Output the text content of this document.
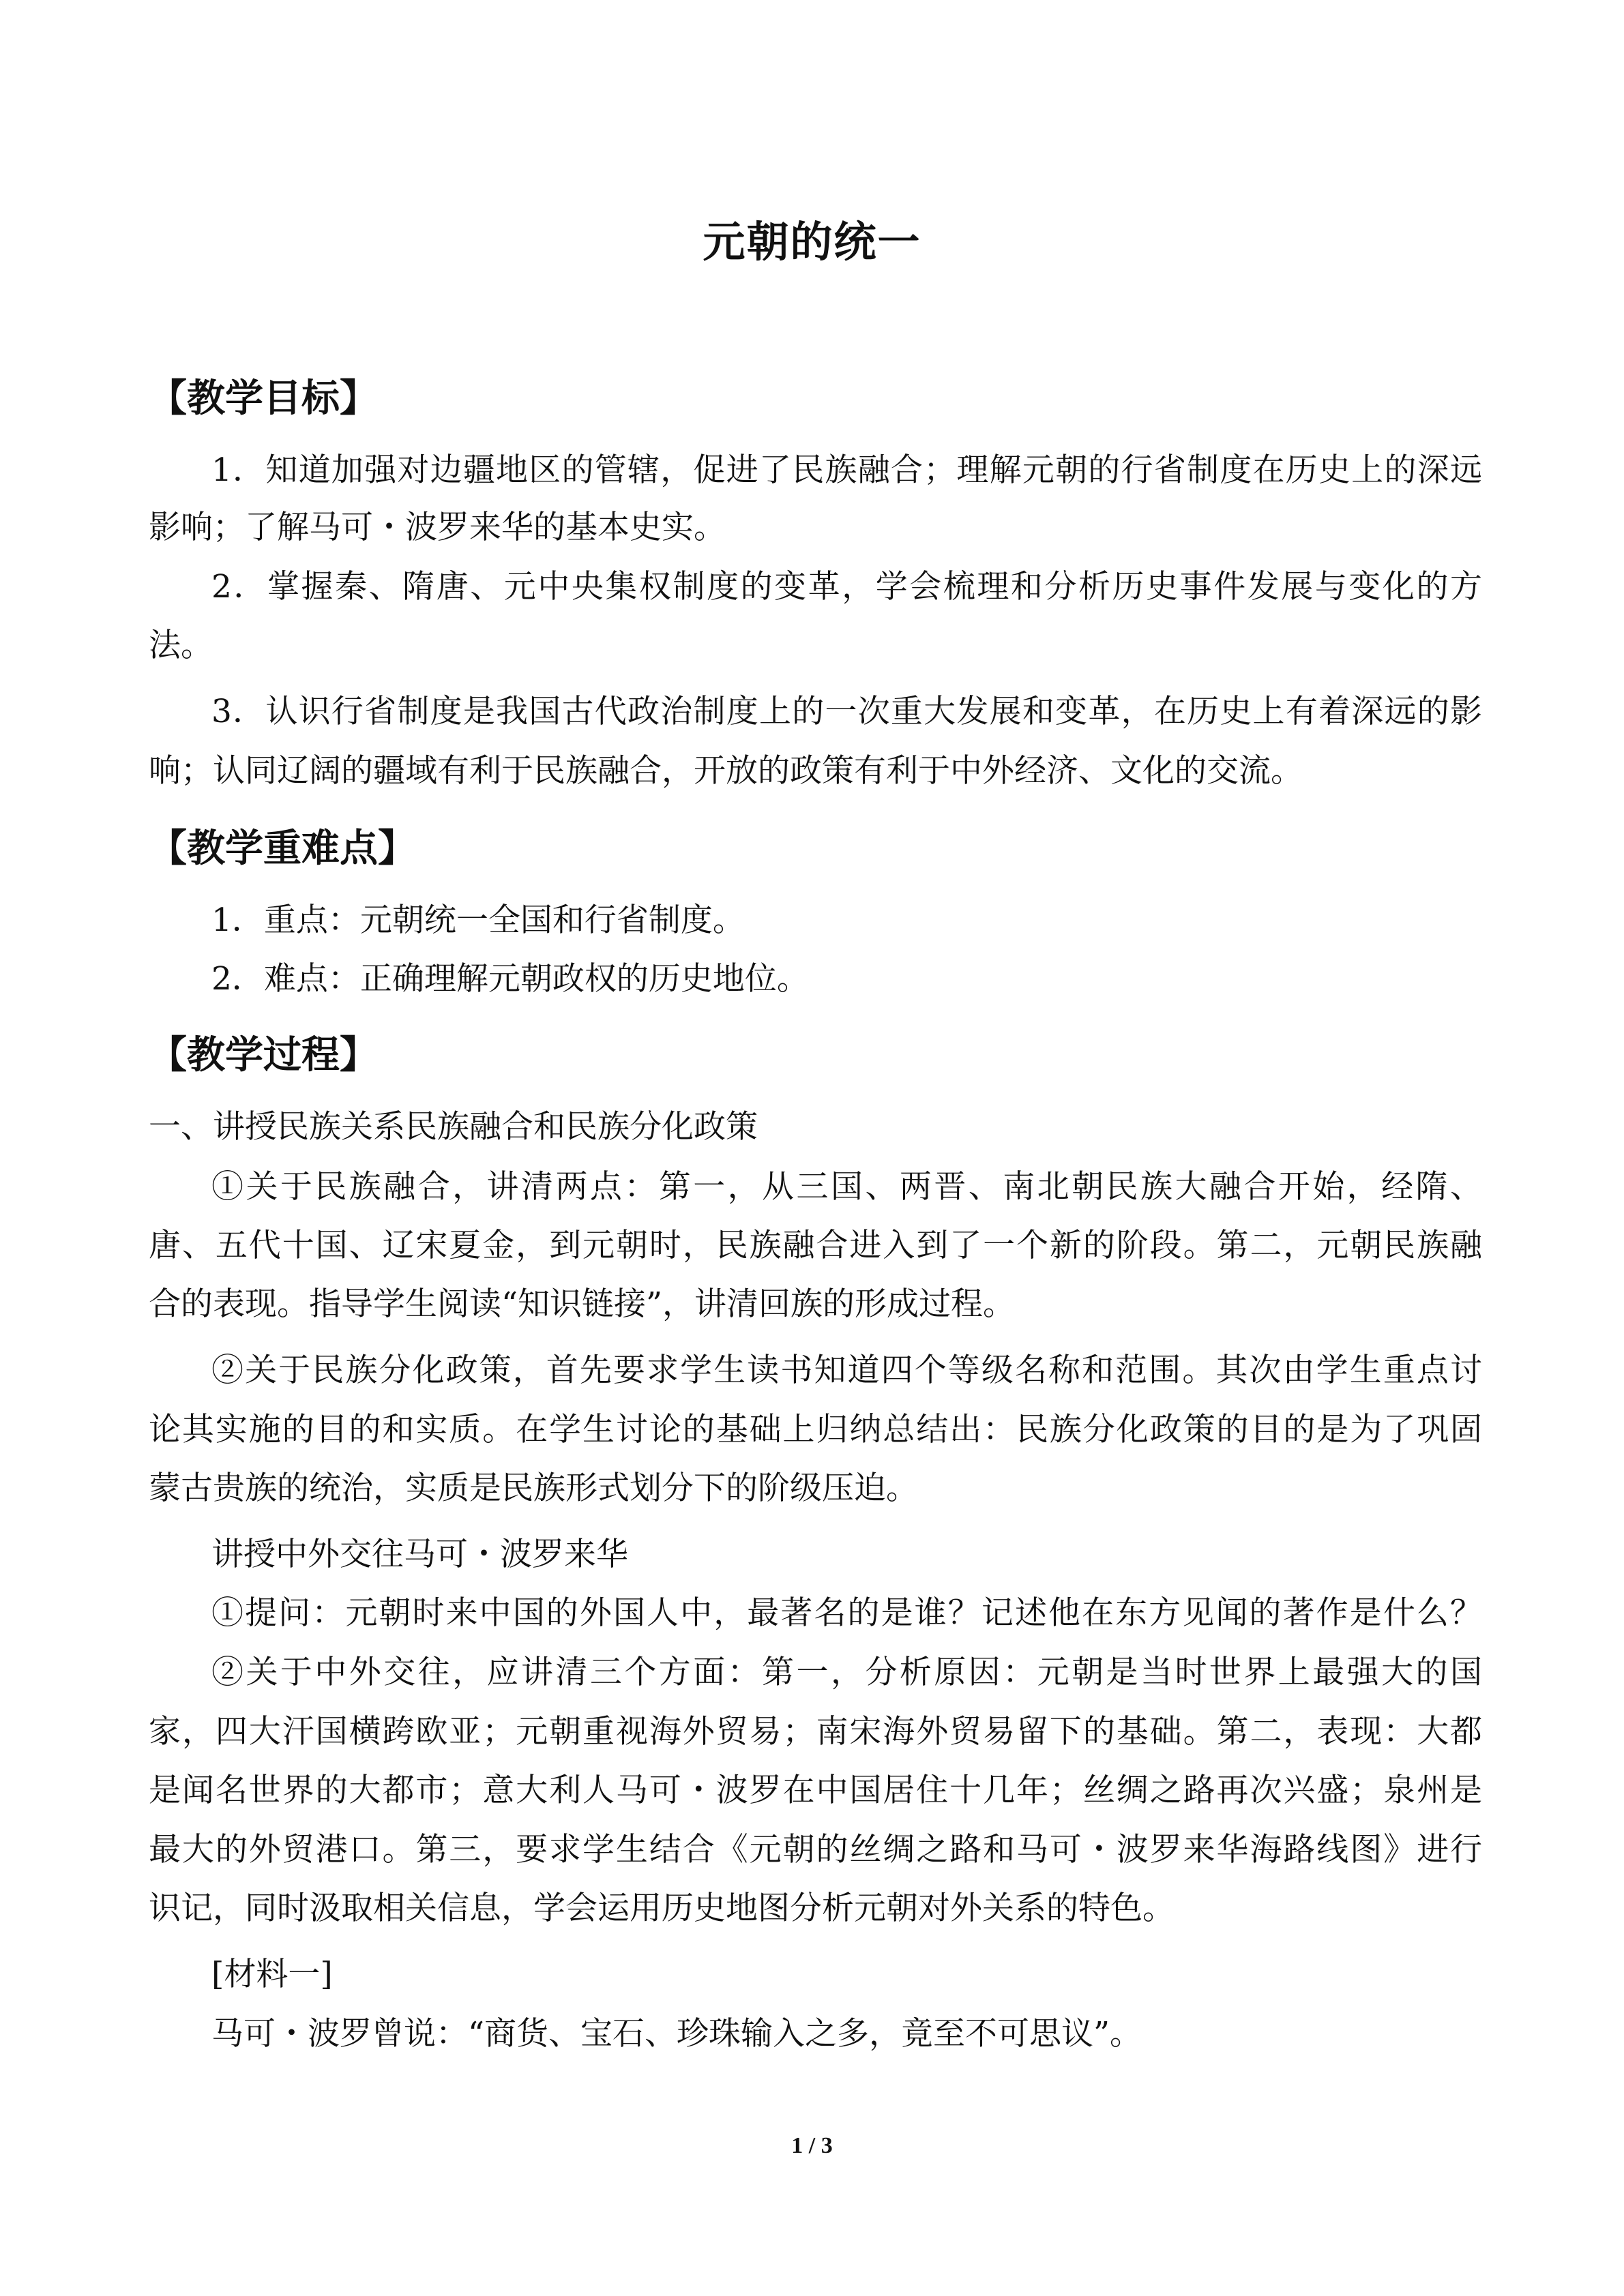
元朝的统一
【教学目标】
1．知道加强对边疆地区的管辖，促进了民族融合；理解元朝的行省制度在历史上的深远
影响；了解马可・波罗来华的基本史实。
2．掌握秦、隋唐、元中央集权制度的变革，学会梳理和分析历史事件发展与变化的方
法。
3．认识行省制度是我国古代政治制度上的一次重大发展和变革，在历史上有着深远的影
响；认同辽阔的疆域有利于民族融合，开放的政策有利于中外经济、文化的交流。
【教学重难点】
1．重点：元朝统一全国和行省制度。
2．难点：正确理解元朝政权的历史地位。
【教学过程】
一、讲授民族关系民族融合和民族分化政策
①关于民族融合，讲清两点：第一，从三国、两晋、南北朝民族大融合开始，经隋、
唐、五代十国、辽宋夏金，到元朝时，民族融合进入到了一个新的阶段。第二，元朝民族融
合的表现。指导学生阅读“知识链接”，讲清回族的形成过程。
②关于民族分化政策，首先要求学生读书知道四个等级名称和范围。其次由学生重点讨
论其实施的目的和实质。在学生讨论的基础上归纳总结出：民族分化政策的目的是为了巩固
蒙古贵族的统治，实质是民族形式划分下的阶级压迫。
讲授中外交往马可・波罗来华
①提问：元朝时来中国的外国人中，最著名的是谁？记述他在东方见闻的著作是什么？
②关于中外交往，应讲清三个方面：第一，分析原因：元朝是当时世界上最强大的国
家，四大汗国横跨欧亚；元朝重视海外贸易；南宋海外贸易留下的基础。第二，表现：大都
是闻名世界的大都市；意大利人马可・波罗在中国居住十几年；丝绸之路再次兴盛；泉州是
最大的外贸港口。第三，要求学生结合《元朝的丝绸之路和马可・波罗来华海路线图》进行
识记，同时汲取相关信息，学会运用历史地图分析元朝对外关系的特色。
[材料一]
马可・波罗曾说：“商货、宝石、珍珠输入之多，竟至不可思议”。
1 / 3
